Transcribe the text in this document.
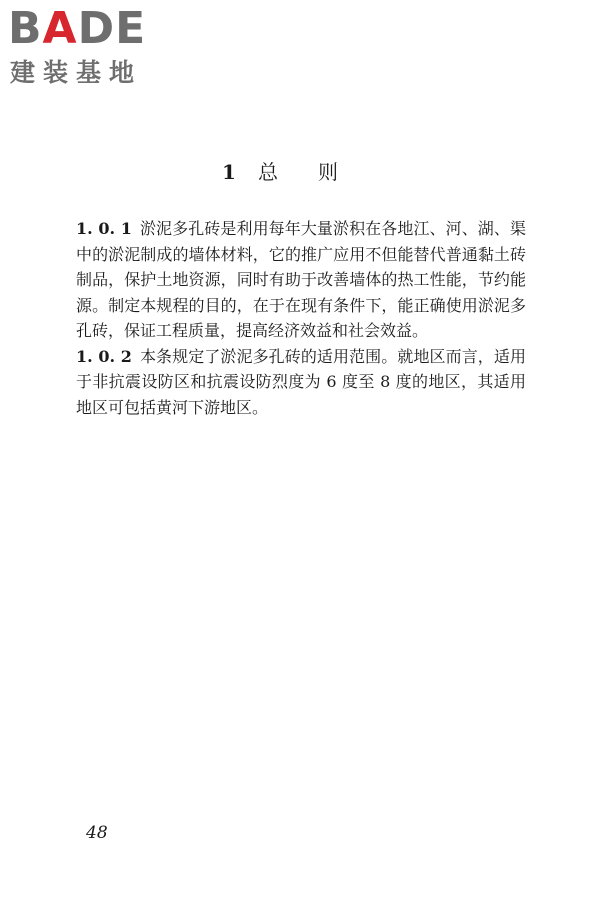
BADE
建装基地
1 总则

1. 0. 1 淤泥多孔砖是利用每年大量淤积在各地江、河、湖、渠中的淤泥制成的墙体材料，它的推广应用不但能替代普通黏土砖制品，保护土地资源，同时有助于改善墙体的热工性能，节约能源。制定本规程的目的，在于在现有条件下，能正确使用淤泥多孔砖，保证工程质量，提高经济效益和社会效益。

1. 0. 2 本条规定了淤泥多孔砖的适用范围。就地区而言，适用于非抗震设防区和抗震设防烈度为 6 度至 8 度的地区，其适用地区可包括黄河下游地区。

48
